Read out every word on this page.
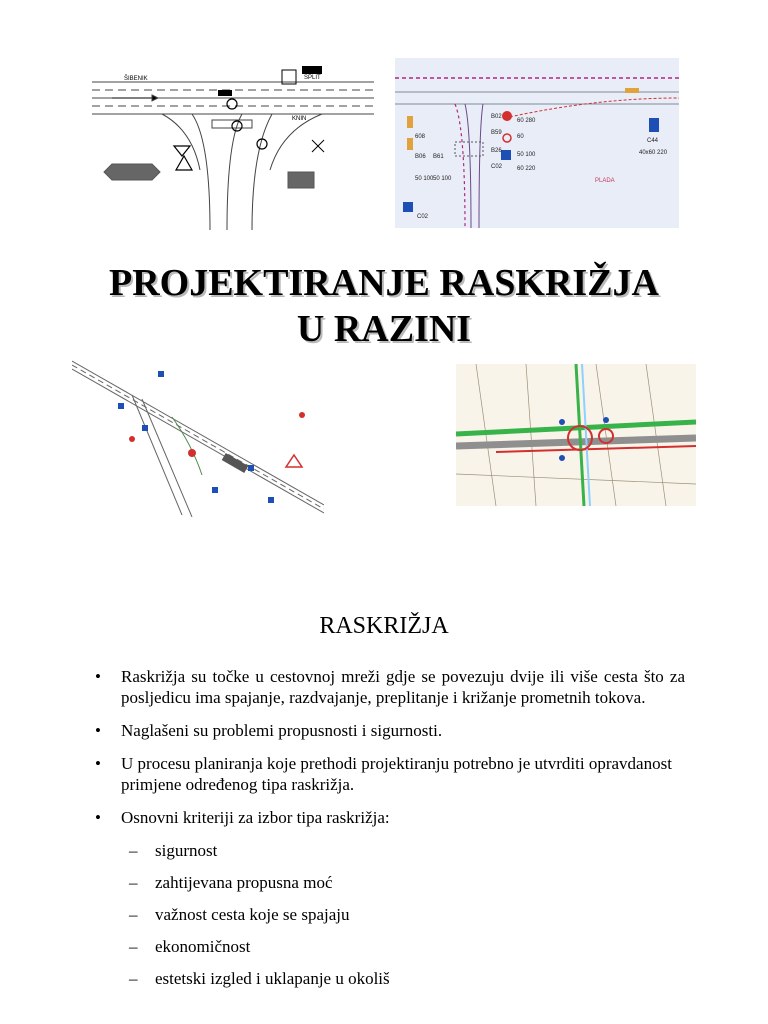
ŠIBENIK	SPLIT
KNIN	B02
B59
B26
C02
60 280
60
50 100
60 220
C44
40x60 220
608
B06
50 100
B61
50 100
C02
PLADA
PROJEKTIRANJE RASKRIŽJA
U RAZINI
RASKRIŽJA
• Raskrižja su točke u cestovnoj mreži gdje se povezuju dvije ili više cesta što za posljedicu ima spajanje, razdvajanje, preplitanje i križanje prometnih tokova.
• Naglašeni su problemi propusnosti i sigurnosti.
• U procesu planiranja koje prethodi projektiranju potrebno je utvrditi opravdanost primjene određenog tipa raskrižja.
• Osnovni kriteriji za izbor tipa raskrižja:
– sigurnost
– zahtijevana propusna moć
– važnost cesta koje se spajaju
– ekonomičnost
– estetski izgled i uklapanje u okoliš
